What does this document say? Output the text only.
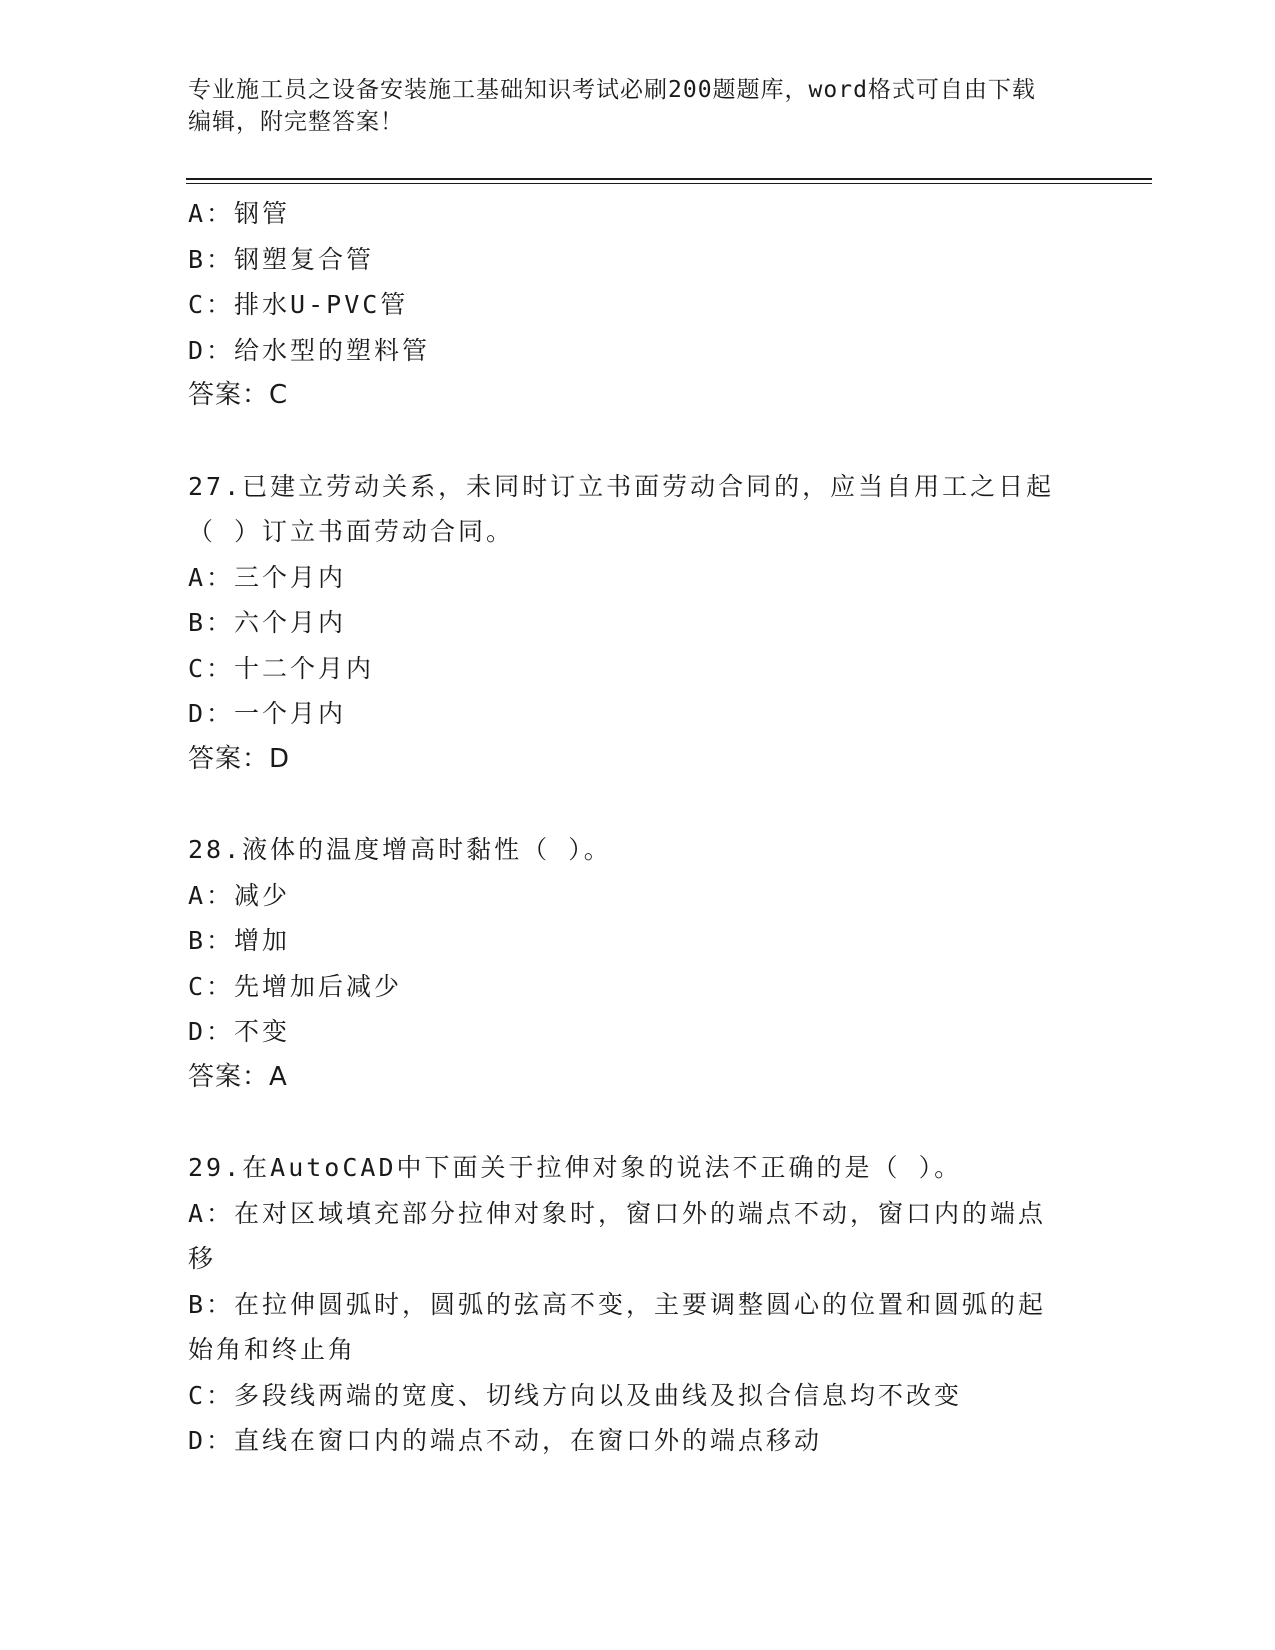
专业施工员之设备安装施工基础知识考试必刷200题题库，word格式可自由下载
编辑，附完整答案！
A：钢管
B：钢塑复合管
C：排水U-PVC管
D：给水型的塑料管
答案：C
27.已建立劳动关系，未同时订立书面劳动合同的，应当自用工之日起
（ ）订立书面劳动合同。
A：三个月内
B：六个月内
C：十二个月内
D：一个月内
答案：D
28.液体的温度增高时黏性（ ）。
A：减少
B：增加
C：先增加后减少
D：不变
答案：A
29.在AutoCAD中下面关于拉伸对象的说法不正确的是（ ）。
A：在对区域填充部分拉伸对象时，窗口外的端点不动，窗口内的端点
移
B：在拉伸圆弧时，圆弧的弦高不变，主要调整圆心的位置和圆弧的起
始角和终止角
C：多段线两端的宽度、切线方向以及曲线及拟合信息均不改变
D：直线在窗口内的端点不动，在窗口外的端点移动
